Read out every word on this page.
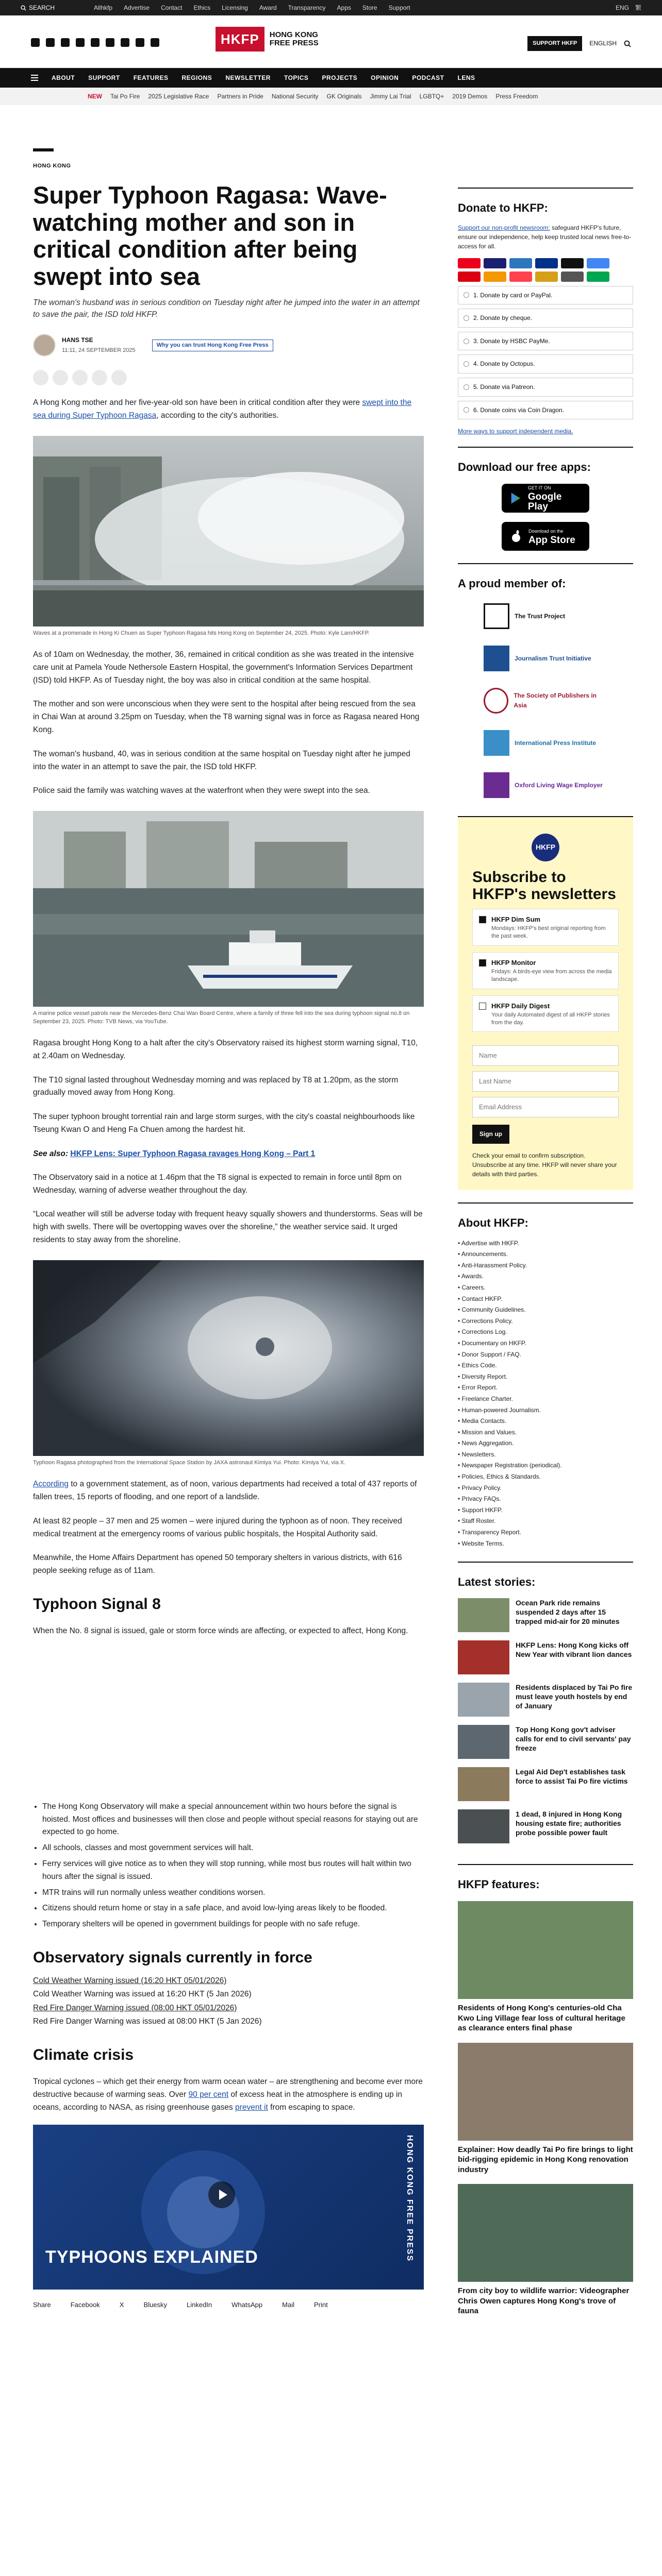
SEARCH	Allhkfp Advertise Contact Ethics Licensing Award Transparency Apps Store Support	ENG 繁
HKFP	HONG KONG
FREE PRESS	SUPPORT HKFP	ENGLISH
ABOUT SUPPORT FEATURES REGIONS NEWSLETTER TOPICS PROJECTS OPINION PODCAST LENS
NEW Tai Po Fire 2025 Legislative Race Partners in Pride National Security GK Originals Jimmy Lai Trial LGBTQ+ 2019 Demos Press Freedom
HONG KONG
Super Typhoon Ragasa: Wave-watching mother and son in critical condition after being swept into sea

The woman's husband was in serious condition on Tuesday night after he jumped into the water in an attempt to save the pair, the ISD told HKFP.

HANS TSE
11:11, 24 SEPTEMBER 2025
Why you can trust Hong Kong Free Press

A Hong Kong mother and her five-year-old son have been in critical condition after they were swept into the sea during Super Typhoon Ragasa, according to the city's authorities.

Waves at a promenade in Hong Ki Chuen as Super Typhoon Ragasa hits Hong Kong on September 24, 2025. Photo: Kyle Lam/HKFP.

As of 10am on Wednesday, the mother, 36, remained in critical condition as she was treated in the intensive care unit at Pamela Youde Nethersole Eastern Hospital, the government's Information Services Department (ISD) told HKFP. As of Tuesday night, the boy was also in critical condition at the same hospital.

The mother and son were unconscious when they were sent to the hospital after being rescued from the sea in Chai Wan at around 3.25pm on Tuesday, when the T8 warning signal was in force as Ragasa neared Hong Kong.

The woman's husband, 40, was in serious condition at the same hospital on Tuesday night after he jumped into the water in an attempt to save the pair, the ISD told HKFP.

Police said the family was watching waves at the waterfront when they were swept into the sea.

A marine police vessel patrols near the Mercedes-Benz Chai Wan Board Centre, where a family of three fell into the sea during typhoon signal no.8 on September 23, 2025. Photo: TVB News, via YouTube.

Ragasa brought Hong Kong to a halt after the city's Observatory raised its highest storm warning signal, T10, at 2.40am on Wednesday.

The T10 signal lasted throughout Wednesday morning and was replaced by T8 at 1.20pm, as the storm gradually moved away from Hong Kong.

The super typhoon brought torrential rain and large storm surges, with the city's coastal neighbourhoods like Tseung Kwan O and Heng Fa Chuen among the hardest hit.

See also: HKFP Lens: Super Typhoon Ragasa ravages Hong Kong – Part 1

The Observatory said in a notice at 1.46pm that the T8 signal is expected to remain in force until 8pm on Wednesday, warning of adverse weather throughout the day.

“Local weather will still be adverse today with frequent heavy squally showers and thunderstorms. Seas will be high with swells. There will be overtopping waves over the shoreline,” the weather service said. It urged residents to stay away from the shoreline.

Typhoon Ragasa photographed from the International Space Station by JAXA astronaut Kimiya Yui. Photo: Kimiya Yui, via X.

According to a government statement, as of noon, various departments had received a total of 437 reports of fallen trees, 15 reports of flooding, and one report of a landslide.

At least 82 people – 37 men and 25 women – were injured during the typhoon as of noon. They received medical treatment at the emergency rooms of various public hospitals, the Hospital Authority said.

Meanwhile, the Home Affairs Department has opened 50 temporary shelters in various districts, with 616 people seeking refuge as of 11am.

Typhoon Signal 8

When the No. 8 signal is issued, gale or storm force winds are affecting, or expected to affect, Hong Kong.

• The Hong Kong Observatory will make a special announcement within two hours before the signal is hoisted. Most offices and businesses will then close and people without special reasons for staying out are expected to go home.
• All schools, classes and most government services will halt.
• Ferry services will give notice as to when they will stop running, while most bus routes will halt within two hours after the signal is issued.
• MTR trains will run normally unless weather conditions worsen.
• Citizens should return home or stay in a safe place, and avoid low-lying areas likely to be flooded.
• Temporary shelters will be opened in government buildings for people with no safe refuge.
Observatory signals currently in force
Cold Weather Warning issued (16:20 HKT 05/01/2026)
Cold Weather Warning was issued at 16:20 HKT (5 Jan 2026)
Red Fire Danger Warning issued (08:00 HKT 05/01/2026)
Red Fire Danger Warning was issued at 08:00 HKT (5 Jan 2026)
Climate crisis

Tropical cyclones – which get their energy from warm ocean water – are strengthening and become ever more destructive because of warming seas. Over 90 per cent of excess heat in the atmosphere is ending up in oceans, according to NASA, as rising greenhouse gases prevent it from escaping to space.

HONG KONG FREE PRESS
TYPHOONS EXPLAINED
Share	Facebook	X	Bluesky	LinkedIn	WhatsApp	Mail	Print
Donate to HKFP:

Support our non-profit newsroom: safeguard HKFP's future, ensure our independence, help keep trusted local news free-to-access for all.

1. Donate by card or PayPal.
2. Donate by cheque.
3. Donate by HSBC PayMe.
4. Donate by Octopus.
5. Donate via Patreon.
6. Donate coins via Coin Dragon.
More ways to support independent media.
Download our free apps:
GET IT ON
Google Play
Download on the
App Store
A proud member of:
The Trust Project
Journalism Trust Initiative
The Society of Publishers in Asia
International Press Institute
Oxford Living Wage Employer
HKFP
Subscribe to HKFP's newsletters
HKFP Dim Sum
Mondays: HKFP's best original reporting from the past week.
HKFP Monitor
Fridays: A birds-eye view from across the media landscape.
HKFP Daily Digest
Your daily Automated digest of all HKFP stories from the day.
Name
Last Name
Email Address
Sign up

Check your email to confirm subscription. Unsubscribe at any time. HKFP will never share your details with third parties.

About HKFP:
• Advertise with HKFP.
• Announcements.
• Anti-Harassment Policy.
• Awards.
• Careers.
• Contact HKFP.
• Community Guidelines.
• Corrections Policy.
• Corrections Log.
• Documentary on HKFP.
• Donor Support / FAQ.
• Ethics Code.
• Diversity Report.
• Error Report.
• Freelance Charter.
• Human-powered Journalism.
• Media Contacts.
• Mission and Values.
• News Aggregation.
• Newsletters.
• Newspaper Registration (periodical).
• Policies, Ethics & Standards.
• Privacy Policy.
• Privacy FAQs.
• Support HKFP.
• Staff Roster.
• Transparency Report.
• Website Terms.
Latest stories:
Ocean Park ride remains suspended 2 days after 15 trapped mid-air for 20 minutes
HKFP Lens: Hong Kong kicks off New Year with vibrant lion dances
Residents displaced by Tai Po fire must leave youth hostels by end of January
Top Hong Kong gov't adviser calls for end to civil servants' pay freeze
Legal Aid Dep't establishes task force to assist Tai Po fire victims
1 dead, 8 injured in Hong Kong housing estate fire; authorities probe possible power fault
HKFP features:
Residents of Hong Kong's centuries-old Cha Kwo Ling Village fear loss of cultural heritage as clearance enters final phase
Explainer: How deadly Tai Po fire brings to light bid-rigging epidemic in Hong Kong renovation industry
From city boy to wildlife warrior: Videographer Chris Owen captures Hong Kong's trove of fauna
